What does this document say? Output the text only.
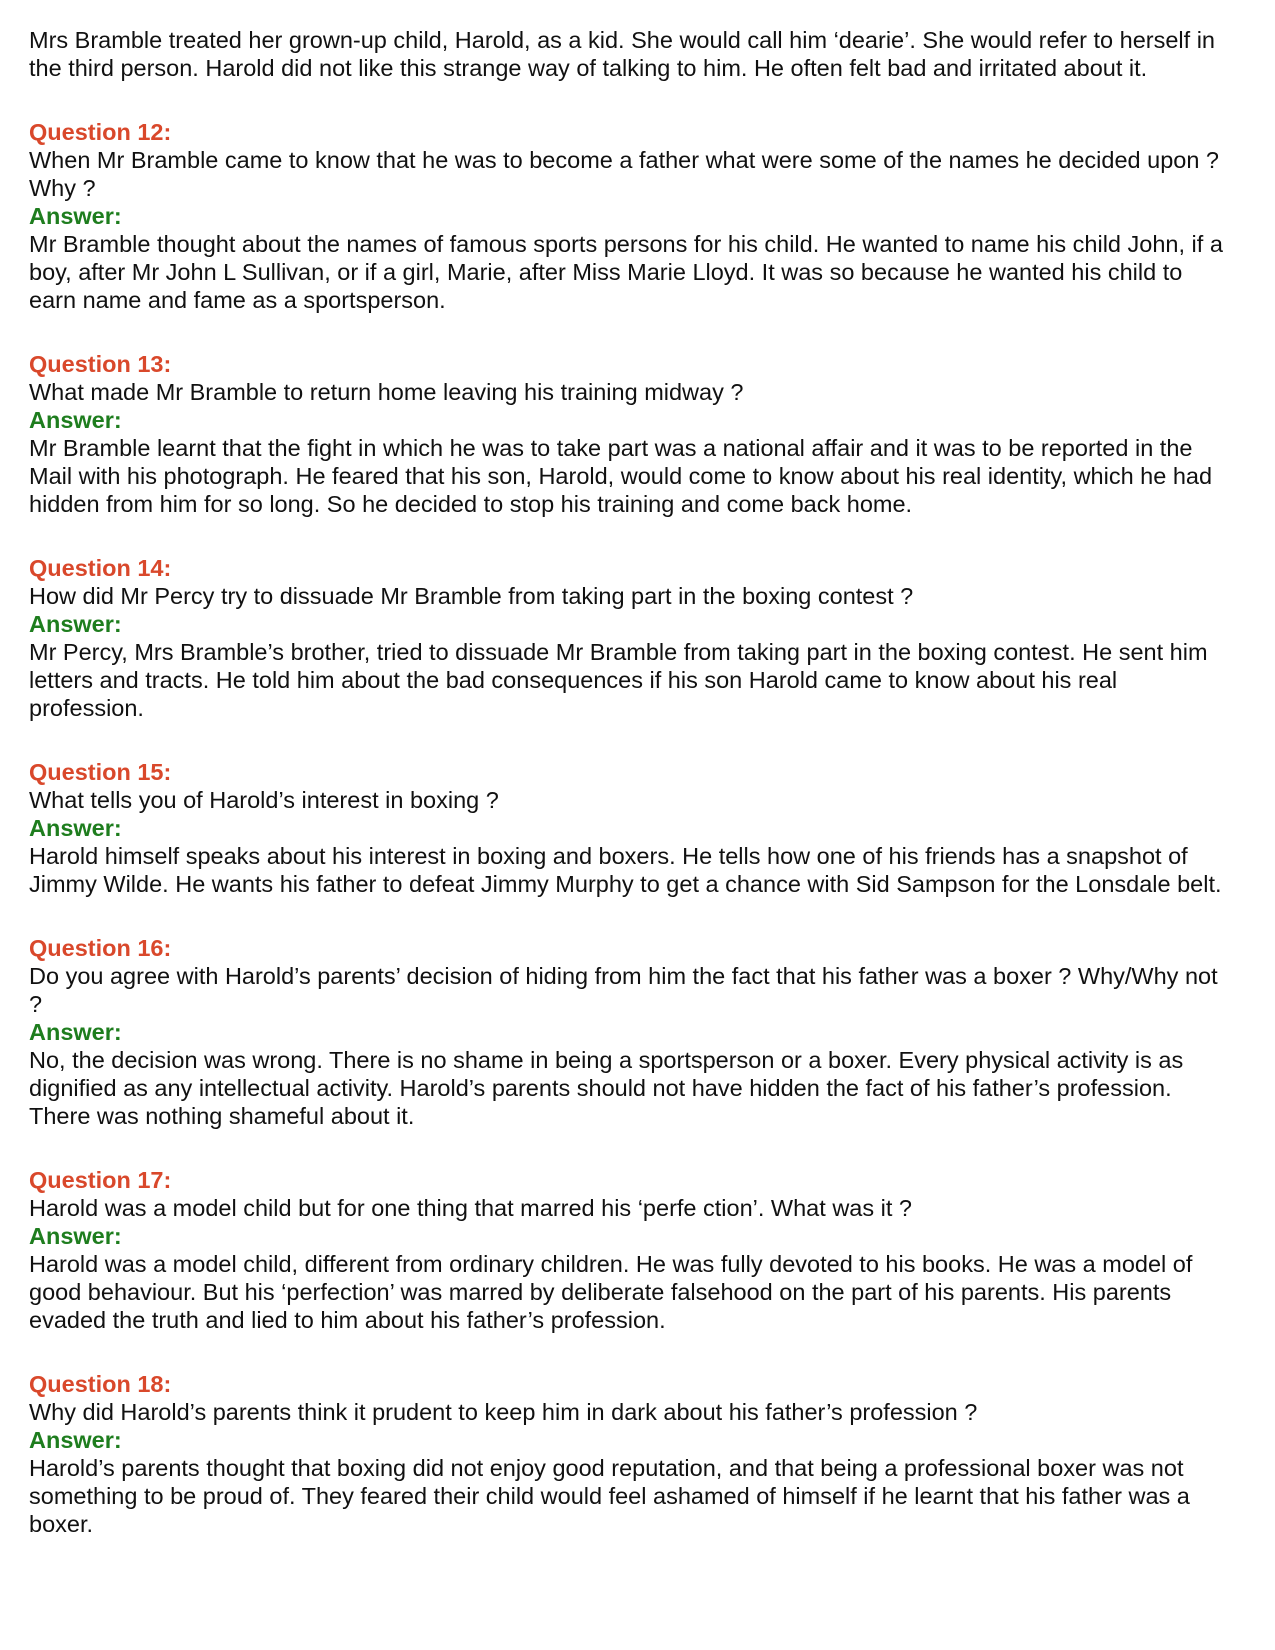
Mrs Bramble treated her grown-up child, Harold, as a kid. She would call him ‘dearie’. She would refer to herself in the third person. Harold did not like this strange way of talking to him. He often felt bad and irritated about it.

Question 12:

When Mr Bramble came to know that he was to become a father what were some of the names he decided upon ? Why ?

Answer:

Mr Bramble thought about the names of famous sports persons for his child. He wanted to name his child John, if a boy, after Mr John L Sullivan, or if a girl, Marie, after Miss Marie Lloyd. It was so because he wanted his child to earn name and fame as a sportsperson.

Question 13:

What made Mr Bramble to return home leaving his training midway ?

Answer:

Mr Bramble learnt that the fight in which he was to take part was a national affair and it was to be reported in the Mail with his photograph. He feared that his son, Harold, would come to know about his real identity, which he had hidden from him for so long. So he decided to stop his training and come back home.

Question 14:

How did Mr Percy try to dissuade Mr Bramble from taking part in the boxing contest ?

Answer:

Mr Percy, Mrs Bramble’s brother, tried to dissuade Mr Bramble from taking part in the boxing contest. He sent him letters and tracts. He told him about the bad consequences if his son Harold came to know about his real profession.

Question 15:

What tells you of Harold’s interest in boxing ?

Answer:

Harold himself speaks about his interest in boxing and boxers. He tells how one of his friends has a snapshot of Jimmy Wilde. He wants his father to defeat Jimmy Murphy to get a chance with Sid Sampson for the Lonsdale belt.

Question 16:

Do you agree with Harold’s parents’ decision of hiding from him the fact that his father was a boxer ? Why/Why not ?

Answer:

No, the decision was wrong. There is no shame in being a sportsperson or a boxer. Every physical activity is as dignified as any intellectual activity. Harold’s parents should not have hidden the fact of his father’s profession. There was nothing shameful about it.

Question 17:

Harold was a model child but for one thing that marred his ‘perfe ction’. What was it ?

Answer:

Harold was a model child, different from ordinary children. He was fully devoted to his books. He was a model of good behaviour. But his ‘perfection’ was marred by deliberate falsehood on the part of his parents. His parents evaded the truth and lied to him about his father’s profession.

Question 18:

Why did Harold’s parents think it prudent to keep him in dark about his father’s profession ?

Answer:

Harold’s parents thought that boxing did not enjoy good reputation, and that being a professional boxer was not something to be proud of. They feared their child would feel ashamed of himself if he learnt that his father was a boxer.
